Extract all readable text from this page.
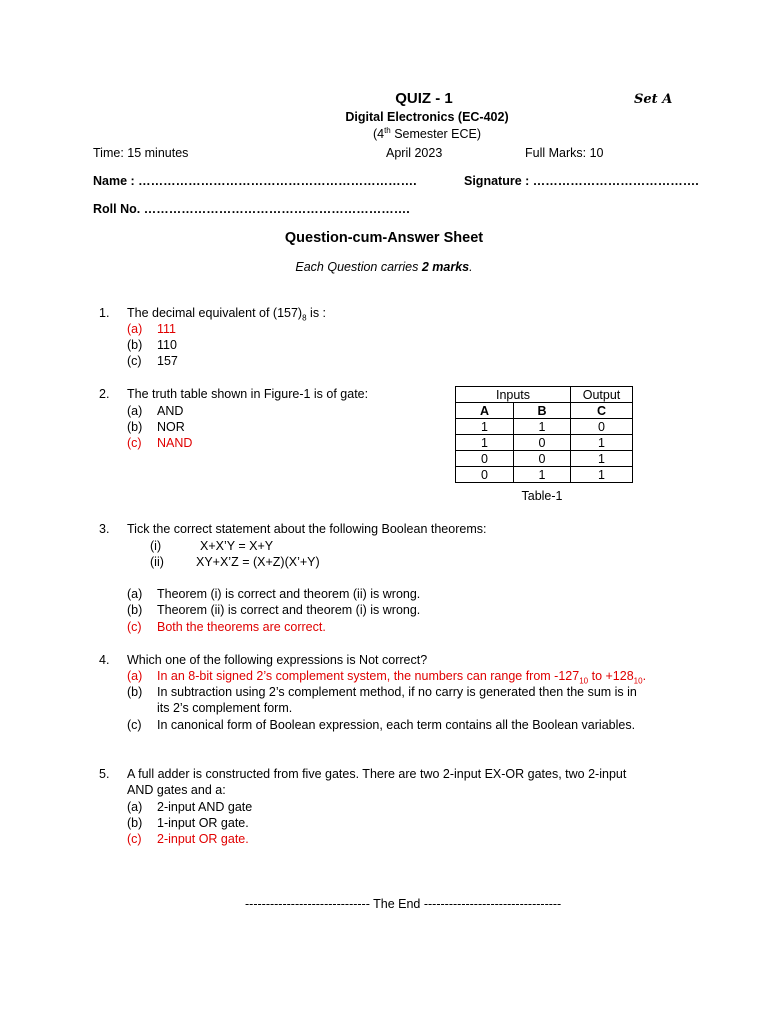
QUIZ - 1	Set A
Digital Electronics (EC-402)
(4th Semester ECE)
Time: 15 minutes	April 2023	Full Marks: 10
Name : ………………………………………………………….	Signature : ………………………………….
Roll No. ……………………………………………………….
Question-cum-Answer Sheet
Each Question carries 2 marks.
1. The decimal equivalent of $(157)_8$ is :
(a) 111
(b) 110
(c) 157
2. The truth table shown in Figure-1 is of gate:
(a) AND
(b) NOR
(c) NAND
Inputs		Output
A	B	C
1	1	0
1	0	1
0	0	1
0	1	1
Table-1
3. Tick the correct statement about the following Boolean theorems:
(i)	X+X’Y = X+Y
(ii)	XY+X’Z = (X+Z)(X’+Y)
(a) Theorem (i) is correct and theorem (ii) is wrong.
(b) Theorem (ii) is correct and theorem (i) is wrong.
(c) Both the theorems are correct.
4. Which one of the following expressions is Not correct?
(a) In an 8-bit signed 2’s complement system, the numbers can range from $-127_{10}$ to $+128_{10}$.
(b) In subtraction using 2’s complement method, if no carry is generated then the sum is in
its 2’s complement form.
(c) In canonical form of Boolean expression, each term contains all the Boolean variables.
5. A full adder is constructed from five gates. There are two 2-input EX-OR gates, two 2-input
AND gates and a:
(a) 2-input AND gate
(b) 1-input OR gate.
(c) 2-input OR gate.
------------------------------ The End ---------------------------------
